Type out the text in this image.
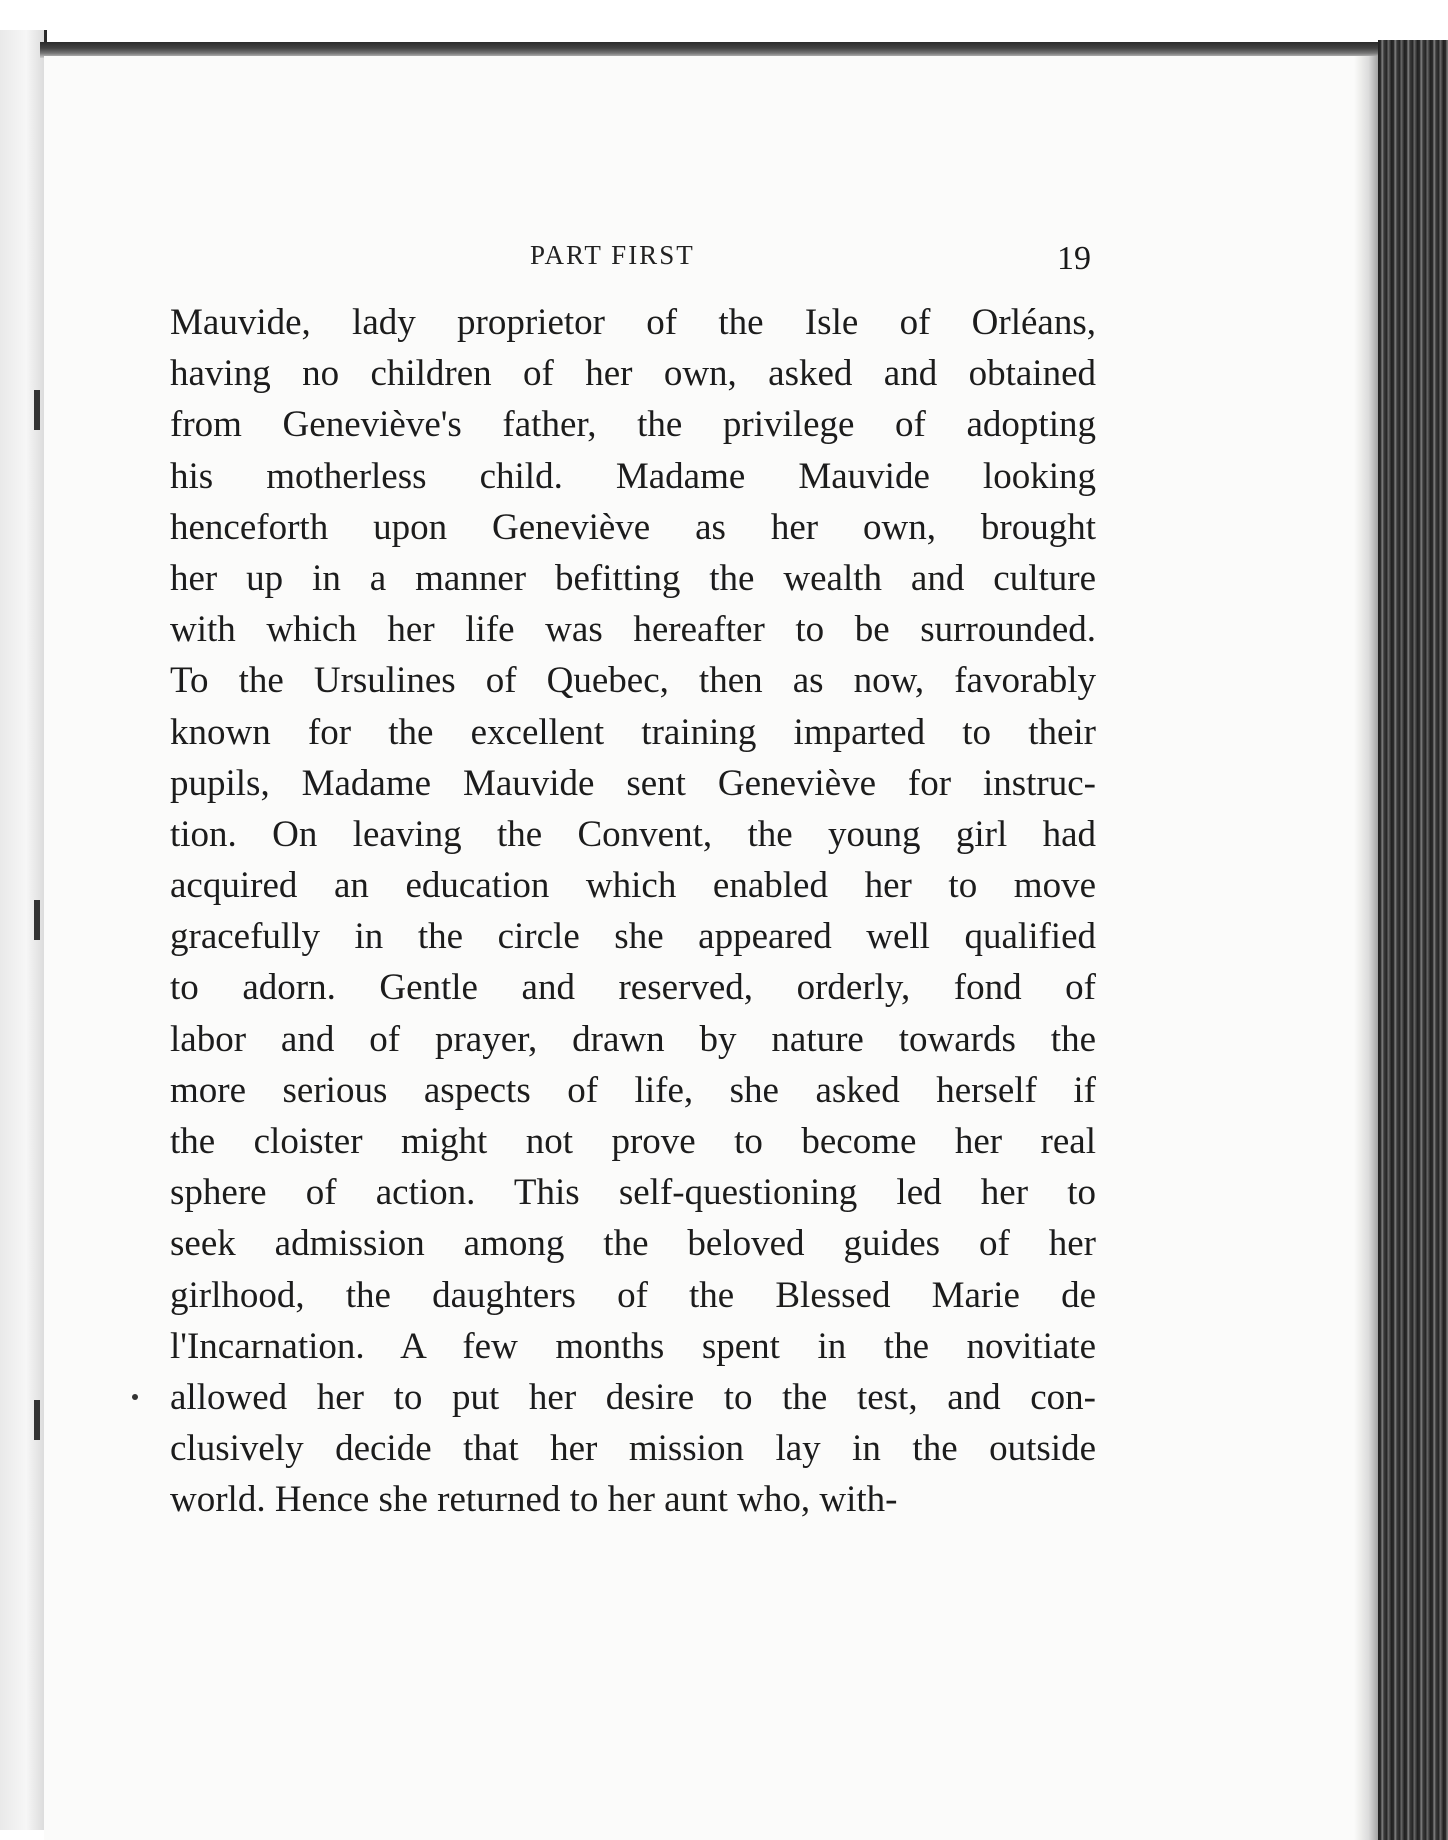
PART FIRST	19
Mauvide, lady proprietor of the Isle of Orléans,
having no children of her own, asked and obtained
from Geneviève's father, the privilege of adopting
his motherless child. Madame Mauvide looking
henceforth upon Geneviève as her own, brought
her up in a manner befitting the wealth and culture
with which her life was hereafter to be surrounded.
To the Ursulines of Quebec, then as now, favorably
known for the excellent training imparted to their
pupils, Madame Mauvide sent Geneviève for instruc-
tion. On leaving the Convent, the young girl had
acquired an education which enabled her to move
gracefully in the circle she appeared well qualified
to adorn. Gentle and reserved, orderly, fond of
labor and of prayer, drawn by nature towards the
more serious aspects of life, she asked herself if
the cloister might not prove to become her real
sphere of action. This self-questioning led her to
seek admission among the beloved guides of her
girlhood, the daughters of the Blessed Marie de
l'Incarnation. A few months spent in the novitiate
allowed her to put her desire to the test, and con-
clusively decide that her mission lay in the outside
world. Hence she returned to her aunt who, with-
